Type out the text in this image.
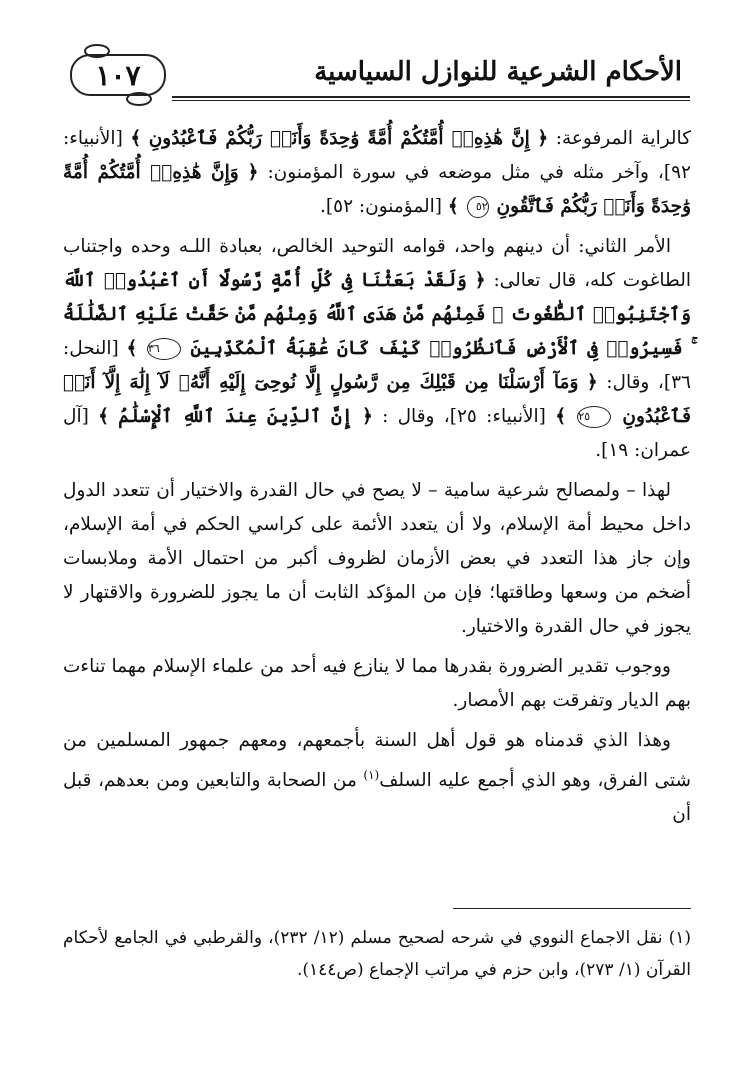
١٠٧	الأحكام الشرعية للنوازل السياسية

كالراية المرفوعة: ﴿ إِنَّ هَٰذِهِۦٓ أُمَّتُكُمْ أُمَّةً وَٰحِدَةً وَأَنَا۠ رَبُّكُمْ فَٱعْبُدُونِ ﴾ [الأنبياء: ٩٢]، وآخر مثله في مثل موضعه في سورة المؤمنون: ﴿ وَإِنَّ هَٰذِهِۦٓ أُمَّتُكُمْ أُمَّةً وَٰحِدَةً وَأَنَا۠ رَبُّكُمْ فَٱتَّقُونِ ٥٢ ﴾ [المؤمنون: ٥٢].

الأمر الثاني: أن دينهم واحد، قوامه التوحيد الخالص، بعبادة اللـه وحده واجتناب الطاغوت كله، قال تعالى: ﴿ وَلَقَدْ بَعَثْنَا فِى كُلِّ أُمَّةٍ رَّسُولًا أَنِ ٱعْبُدُوا۟ ٱللَّهَ وَٱجْتَنِبُوا۟ ٱلطَّٰغُوتَ ۖ فَمِنْهُم مَّنْ هَدَى ٱللَّهُ وَمِنْهُم مَّنْ حَقَّتْ عَلَيْهِ ٱلضَّلَٰلَةُ ۚ فَسِيرُوا۟ فِى ٱلْأَرْضِ فَٱنظُرُوا۟ كَيْفَ كَانَ عَٰقِبَةُ ٱلْمُكَذِّبِينَ ٣٦ ﴾ [النحل: ٣٦]، وقال: ﴿ وَمَآ أَرْسَلْنَا مِن قَبْلِكَ مِن رَّسُولٍ إِلَّا نُوحِىٓ إِلَيْهِ أَنَّهُۥ لَآ إِلَٰهَ إِلَّآ أَنَا۠ فَٱعْبُدُونِ ٢٥ ﴾ [الأنبياء: ٢٥]، وقال : ﴿ إِنَّ ٱلدِّينَ عِندَ ٱللَّهِ ٱلْإِسْلَٰمُ ﴾ [آل عمران: ١٩].

لهذا – ولمصالح شرعية سامية – لا يصح في حال القدرة والاختيار أن تتعدد الدول داخل محيط أمة الإسلام، ولا أن يتعدد الأئمة على كراسي الحكم في أمة الإسلام، وإن جاز هذا التعدد في بعض الأزمان لظروف أكبر من احتمال الأمة وملابسات أضخم من وسعها وطاقتها؛ فإن من المؤكد الثابت أن ما يجوز للضرورة والاقتهار لا يجوز في حال القدرة والاختيار.

ووجوب تقدير الضرورة بقدرها مما لا ينازع فيه أحد من علماء الإسلام مهما تناءت بهم الديار وتفرقت بهم الأمصار.

وهذا الذي قدمناه هو قول أهل السنة بأجمعهم، ومعهم جمهور المسلمين من شتى الفرق، وهو الذي أجمع عليه السلف$^{(١)}$ من الصحابة والتابعين ومن بعدهم، قبل أن

(١) نقل الاجماع النووي في شرحه لصحيح مسلم (١٢/ ٢٣٢)، والقرطبي في الجامع لأحكام القرآن (١/ ٢٧٣)، وابن حزم في مراتب الإجماع (ص١٤٤).
